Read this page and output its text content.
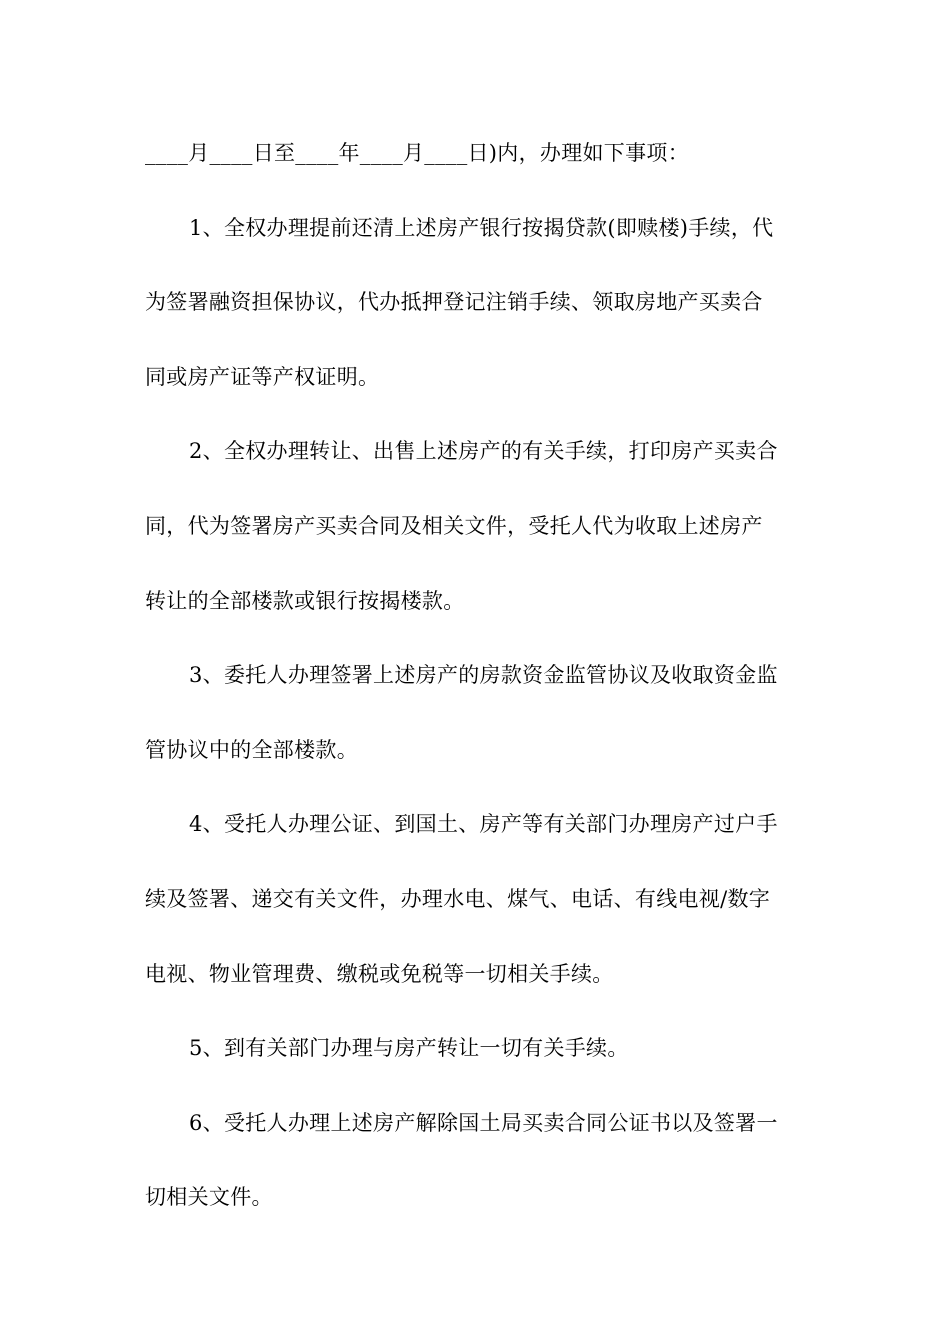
____月____日至____年____月____日)内，办理如下事项：
1、全权办理提前还清上述房产银行按揭贷款(即赎楼)手续，代
为签署融资担保协议，代办抵押登记注销手续、领取房地产买卖合
同或房产证等产权证明。
2、全权办理转让、出售上述房产的有关手续，打印房产买卖合
同，代为签署房产买卖合同及相关文件，受托人代为收取上述房产
转让的全部楼款或银行按揭楼款。
3、委托人办理签署上述房产的房款资金监管协议及收取资金监
管协议中的全部楼款。
4、受托人办理公证、到国土、房产等有关部门办理房产过户手
续及签署、递交有关文件，办理水电、煤气、电话、有线电视/数字
电视、物业管理费、缴税或免税等一切相关手续。
5、到有关部门办理与房产转让一切有关手续。
6、受托人办理上述房产解除国土局买卖合同公证书以及签署一
切相关文件。
